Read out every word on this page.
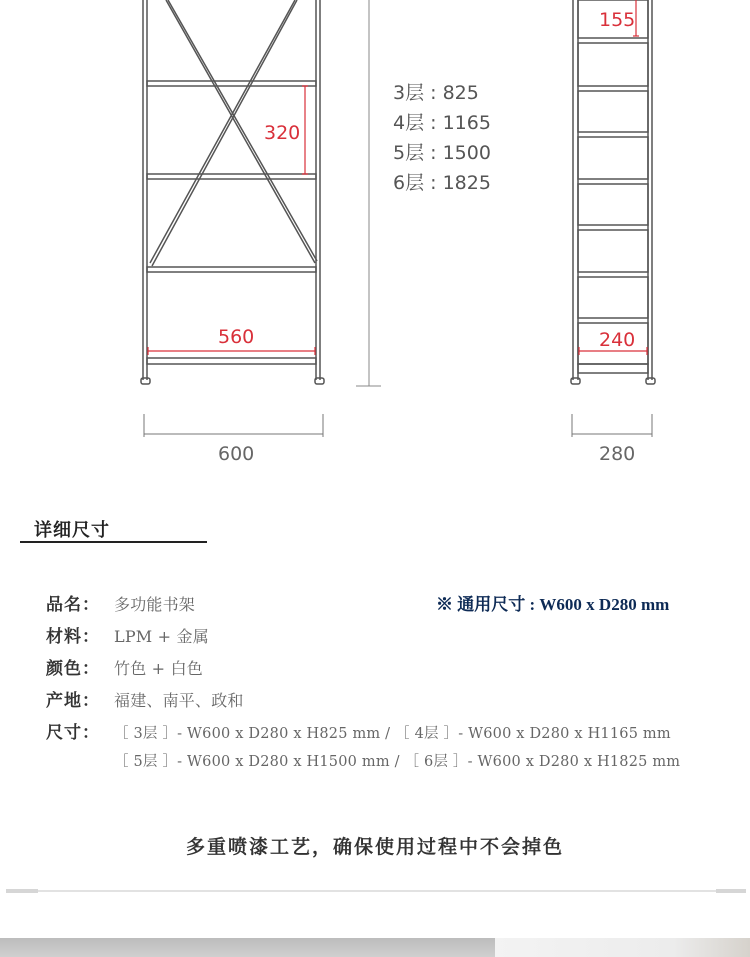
320
560
600
155
240
280
3层 : 825
4层 : 1165
5层 : 1500
6层 : 1825
详细尺寸
品名： 多功能书架	※ 通用尺寸 : W600 x D280 mm
材料： LPM + 金属
颜色： 竹色 + 白色
产地： 福建、南平、政和
尺寸： ［ 3层 ］- W600 x D280 x H825 mm / ［ 4层 ］- W600 x D280 x H1165 mm
［ 5层 ］- W600 x D280 x H1500 mm / ［ 6层 ］- W600 x D280 x H1825 mm
多重喷漆工艺，确保使用过程中不会掉色
